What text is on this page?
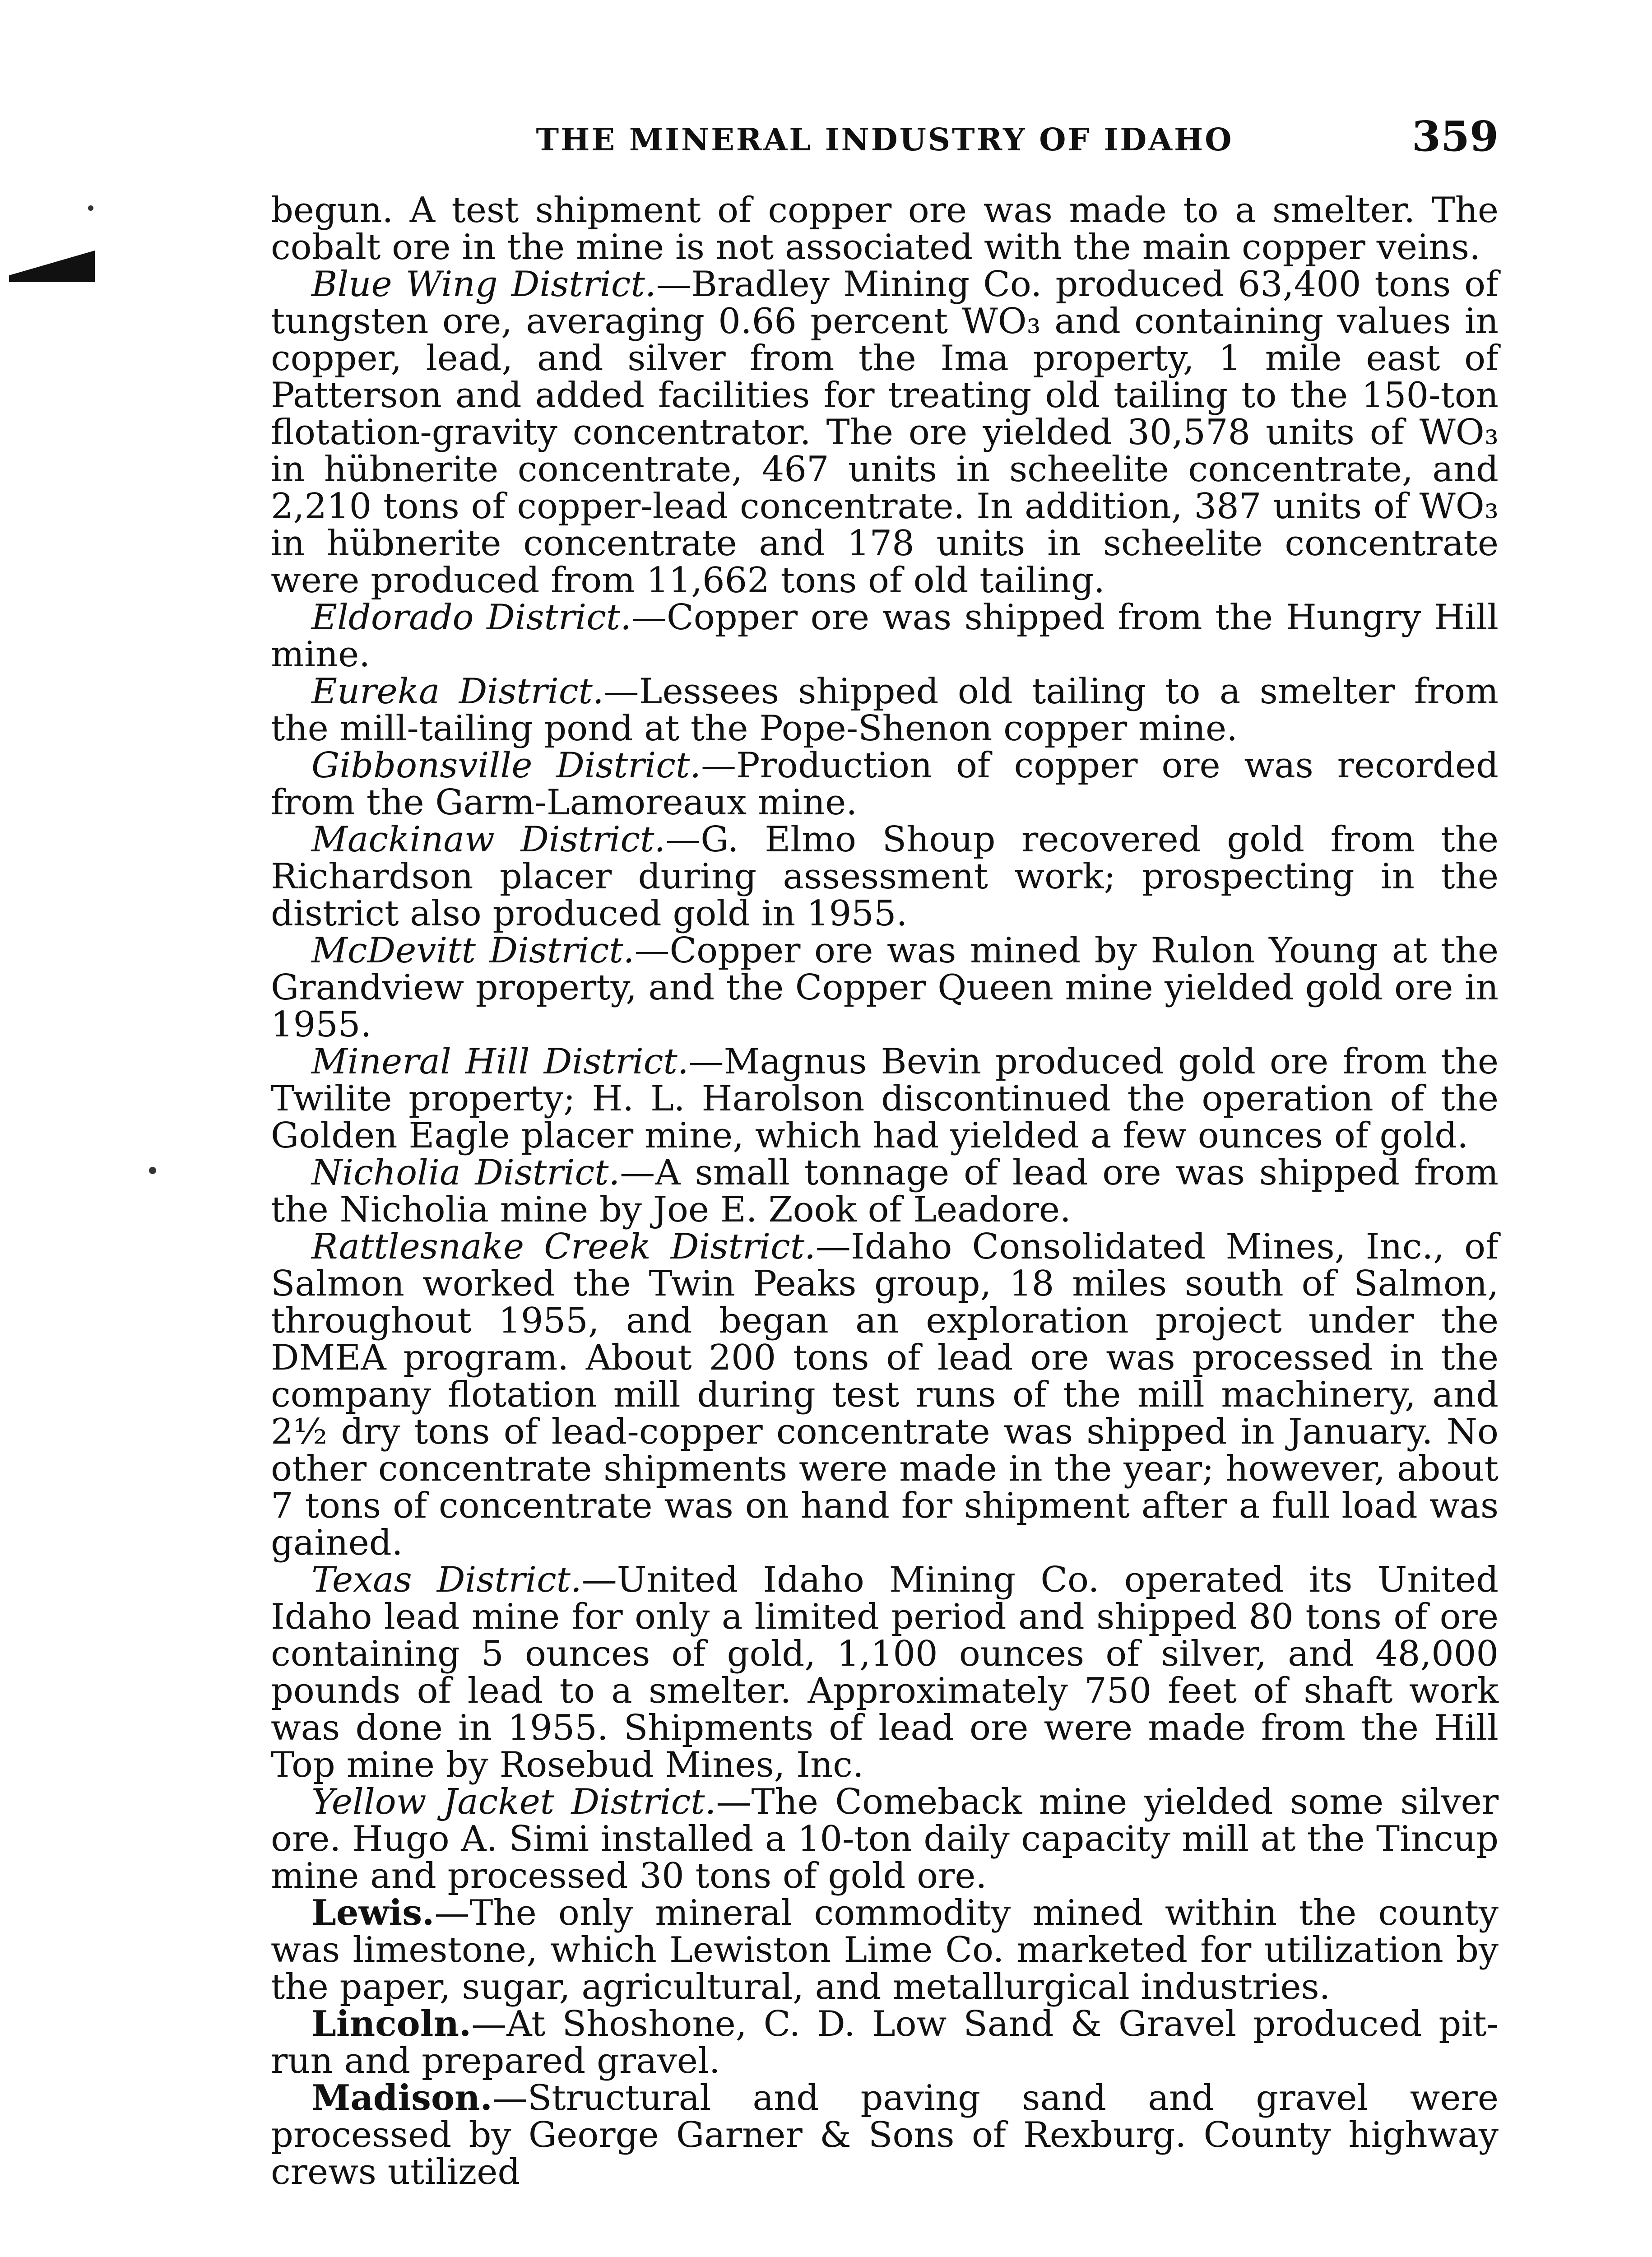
THE MINERAL INDUSTRY OF IDAHO	359

begun. A test shipment of copper ore was made to a smelter. The cobalt ore in the mine is not associated with the main copper veins.

Blue Wing District.—Bradley Mining Co. produced 63,400 tons of tungsten ore, averaging 0.66 percent WO₃ and containing values in copper, lead, and silver from the Ima property, 1 mile east of Patterson and added facilities for treating old tailing to the 150-ton flotation-gravity concentrator. The ore yielded 30,578 units of WO₃ in hübnerite concentrate, 467 units in scheelite concentrate, and 2,210 tons of copper-lead concentrate. In addition, 387 units of WO₃ in hübnerite concentrate and 178 units in scheelite concentrate were produced from 11,662 tons of old tailing.

Eldorado District.—Copper ore was shipped from the Hungry Hill mine.

Eureka District.—Lessees shipped old tailing to a smelter from the mill-tailing pond at the Pope-Shenon copper mine.

Gibbonsville District.—Production of copper ore was recorded from the Garm-Lamoreaux mine.

Mackinaw District.—G. Elmo Shoup recovered gold from the Richardson placer during assessment work; prospecting in the district also produced gold in 1955.

McDevitt District.—Copper ore was mined by Rulon Young at the Grandview property, and the Copper Queen mine yielded gold ore in 1955.

Mineral Hill District.—Magnus Bevin produced gold ore from the Twilite property; H. L. Harolson discontinued the operation of the Golden Eagle placer mine, which had yielded a few ounces of gold.

Nicholia District.—A small tonnage of lead ore was shipped from the Nicholia mine by Joe E. Zook of Leadore.

Rattlesnake Creek District.—Idaho Consolidated Mines, Inc., of Salmon worked the Twin Peaks group, 18 miles south of Salmon, throughout 1955, and began an exploration project under the DMEA program. About 200 tons of lead ore was processed in the company flotation mill during test runs of the mill machinery, and 2½ dry tons of lead-copper concentrate was shipped in January. No other concentrate shipments were made in the year; however, about 7 tons of concentrate was on hand for shipment after a full load was gained.

Texas District.—United Idaho Mining Co. operated its United Idaho lead mine for only a limited period and shipped 80 tons of ore containing 5 ounces of gold, 1,100 ounces of silver, and 48,000 pounds of lead to a smelter. Approximately 750 feet of shaft work was done in 1955. Shipments of lead ore were made from the Hill Top mine by Rosebud Mines, Inc.

Yellow Jacket District.—The Comeback mine yielded some silver ore. Hugo A. Simi installed a 10-ton daily capacity mill at the Tincup mine and processed 30 tons of gold ore.

Lewis.—The only mineral commodity mined within the county was limestone, which Lewiston Lime Co. marketed for utilization by the paper, sugar, agricultural, and metallurgical industries.

Lincoln.—At Shoshone, C. D. Low Sand & Gravel produced pit-run and prepared gravel.

Madison.—Structural and paving sand and gravel were processed by George Garner & Sons of Rexburg. County highway crews utilized
